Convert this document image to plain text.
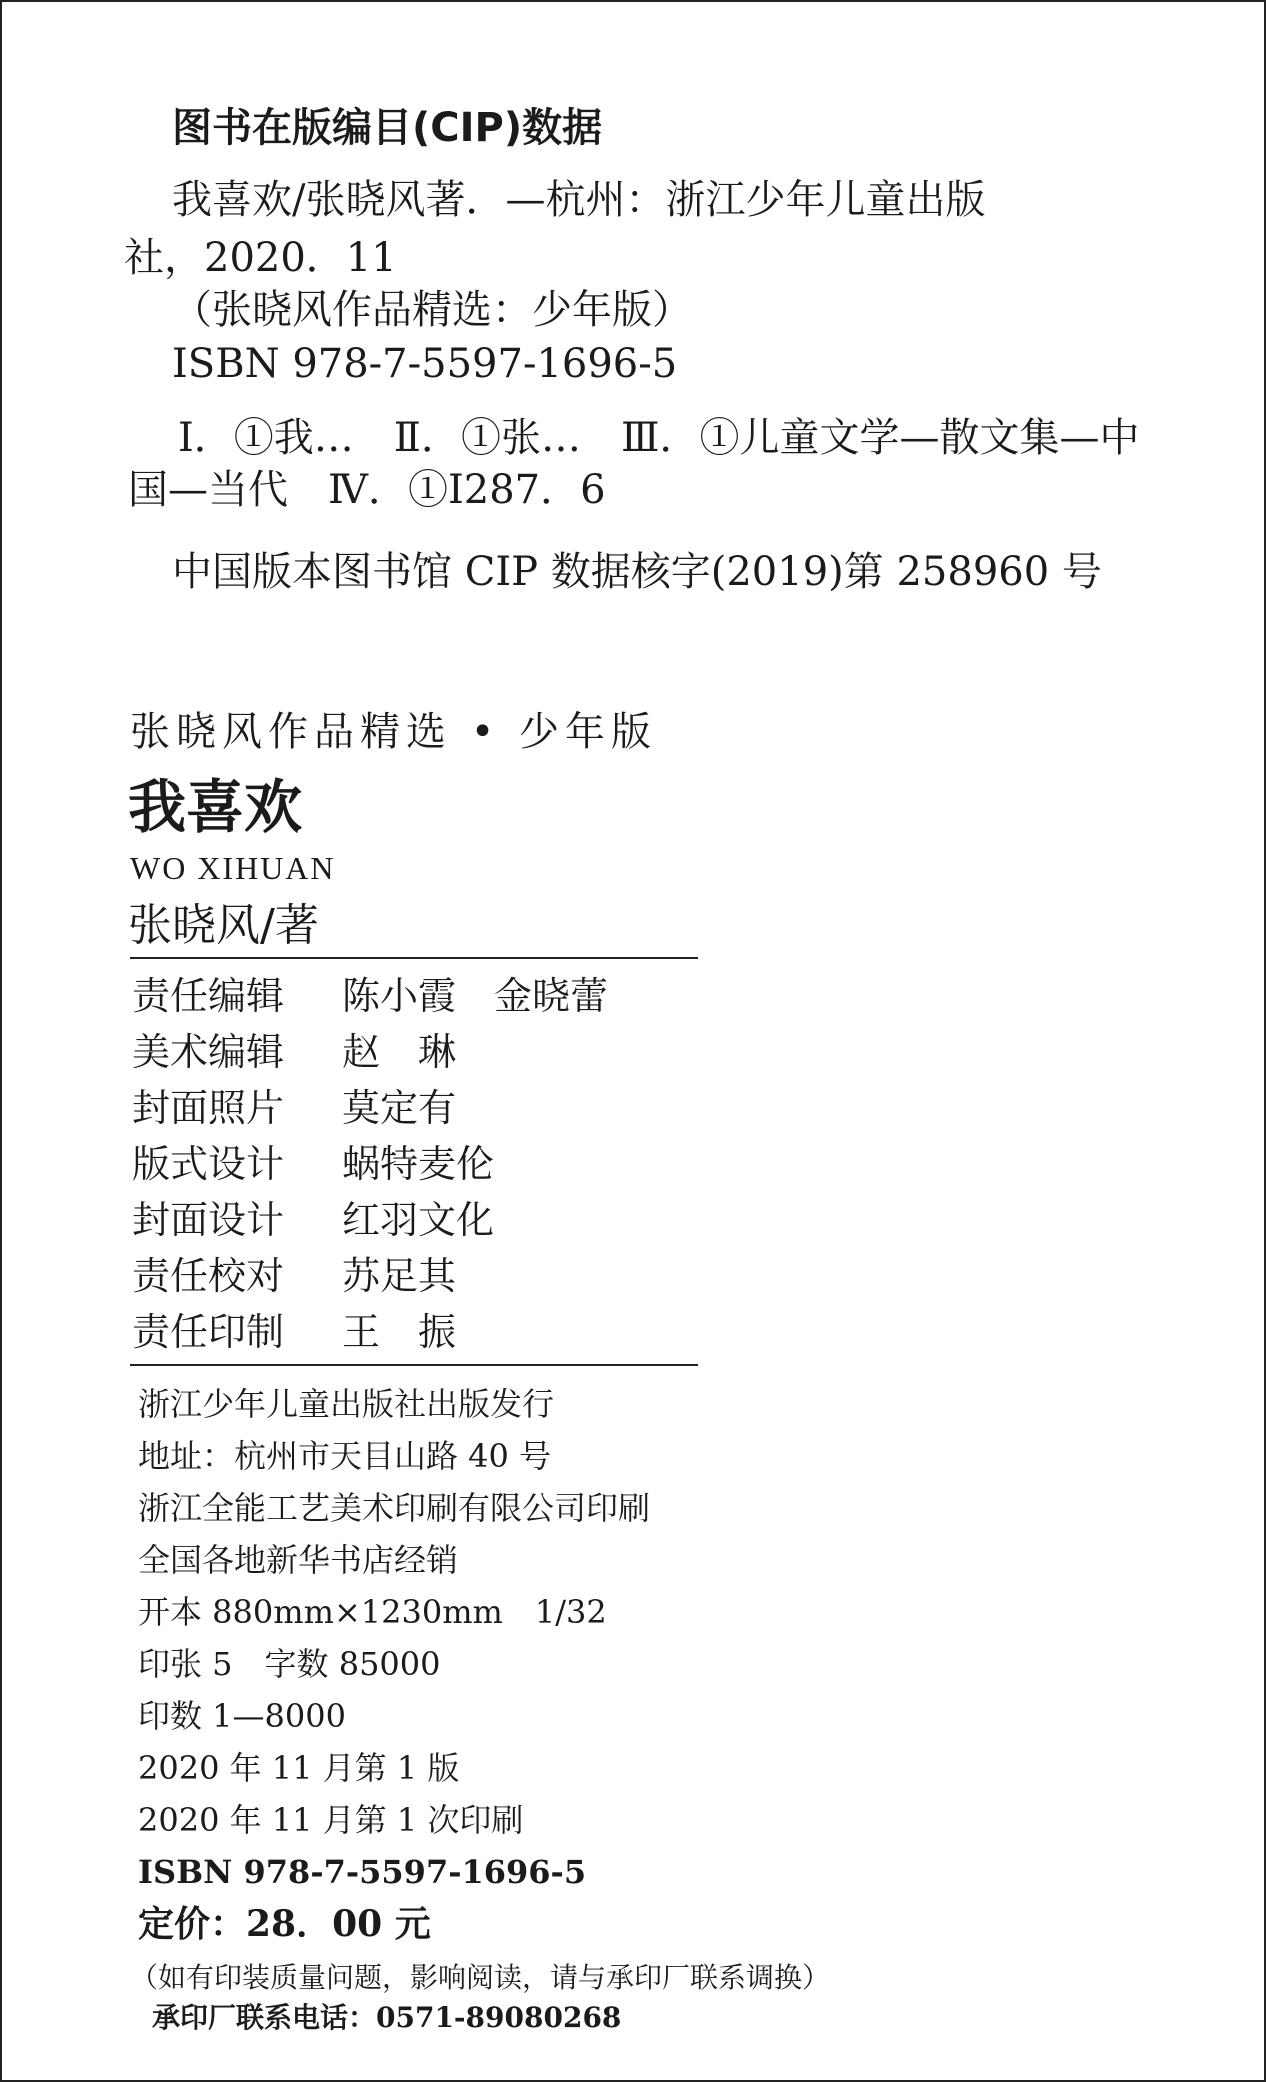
图书在版编目(CIP)数据

我喜欢/张晓风著．—杭州：浙江少年儿童出版

社，2020．11

（张晓风作品精选：少年版）

ISBN 978-7-5597-1696-5

Ⅰ．①我…　Ⅱ．①张…　Ⅲ．①儿童文学—散文集—中

国—当代　Ⅳ．①I287．6

中国版本图书馆 CIP 数据核字(2019)第 258960 号

张晓风作品精选 • 少年版

我喜欢

WO XIHUAN

张晓风/著

责任编辑 陈小霞　金晓蕾

美术编辑 赵　琳

封面照片 莫定有

版式设计 蜗特麦伦

封面设计 红羽文化

责任校对 苏足其

责任印制 王　振

浙江少年儿童出版社出版发行

地址：杭州市天目山路 40 号

浙江全能工艺美术印刷有限公司印刷

全国各地新华书店经销

开本 880mm×1230mm　1/32

印张 5　字数 85000

印数 1—8000

2020 年 11 月第 1 版

2020 年 11 月第 1 次印刷

ISBN 978-7-5597-1696-5

定价：28．00 元

（如有印装质量问题，影响阅读，请与承印厂联系调换）

承印厂联系电话：0571-89080268
